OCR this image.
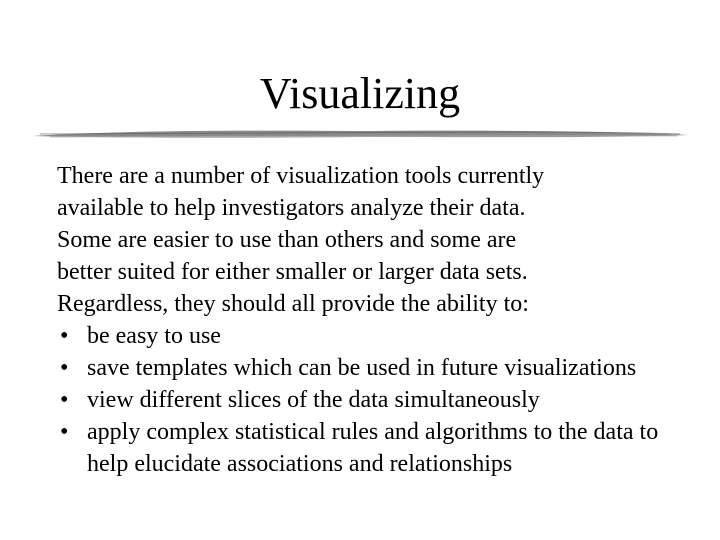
Visualizing

There are a number of visualization tools currently
available to help investigators analyze their data.
Some are easier to use than others and some are
better suited for either smaller or larger data sets.
Regardless, they should all provide the ability to:

• be easy to use
• save templates which can be used in future visualizations
• view different slices of the data simultaneously
• apply complex statistical rules and algorithms to the data to help elucidate associations and relationships
